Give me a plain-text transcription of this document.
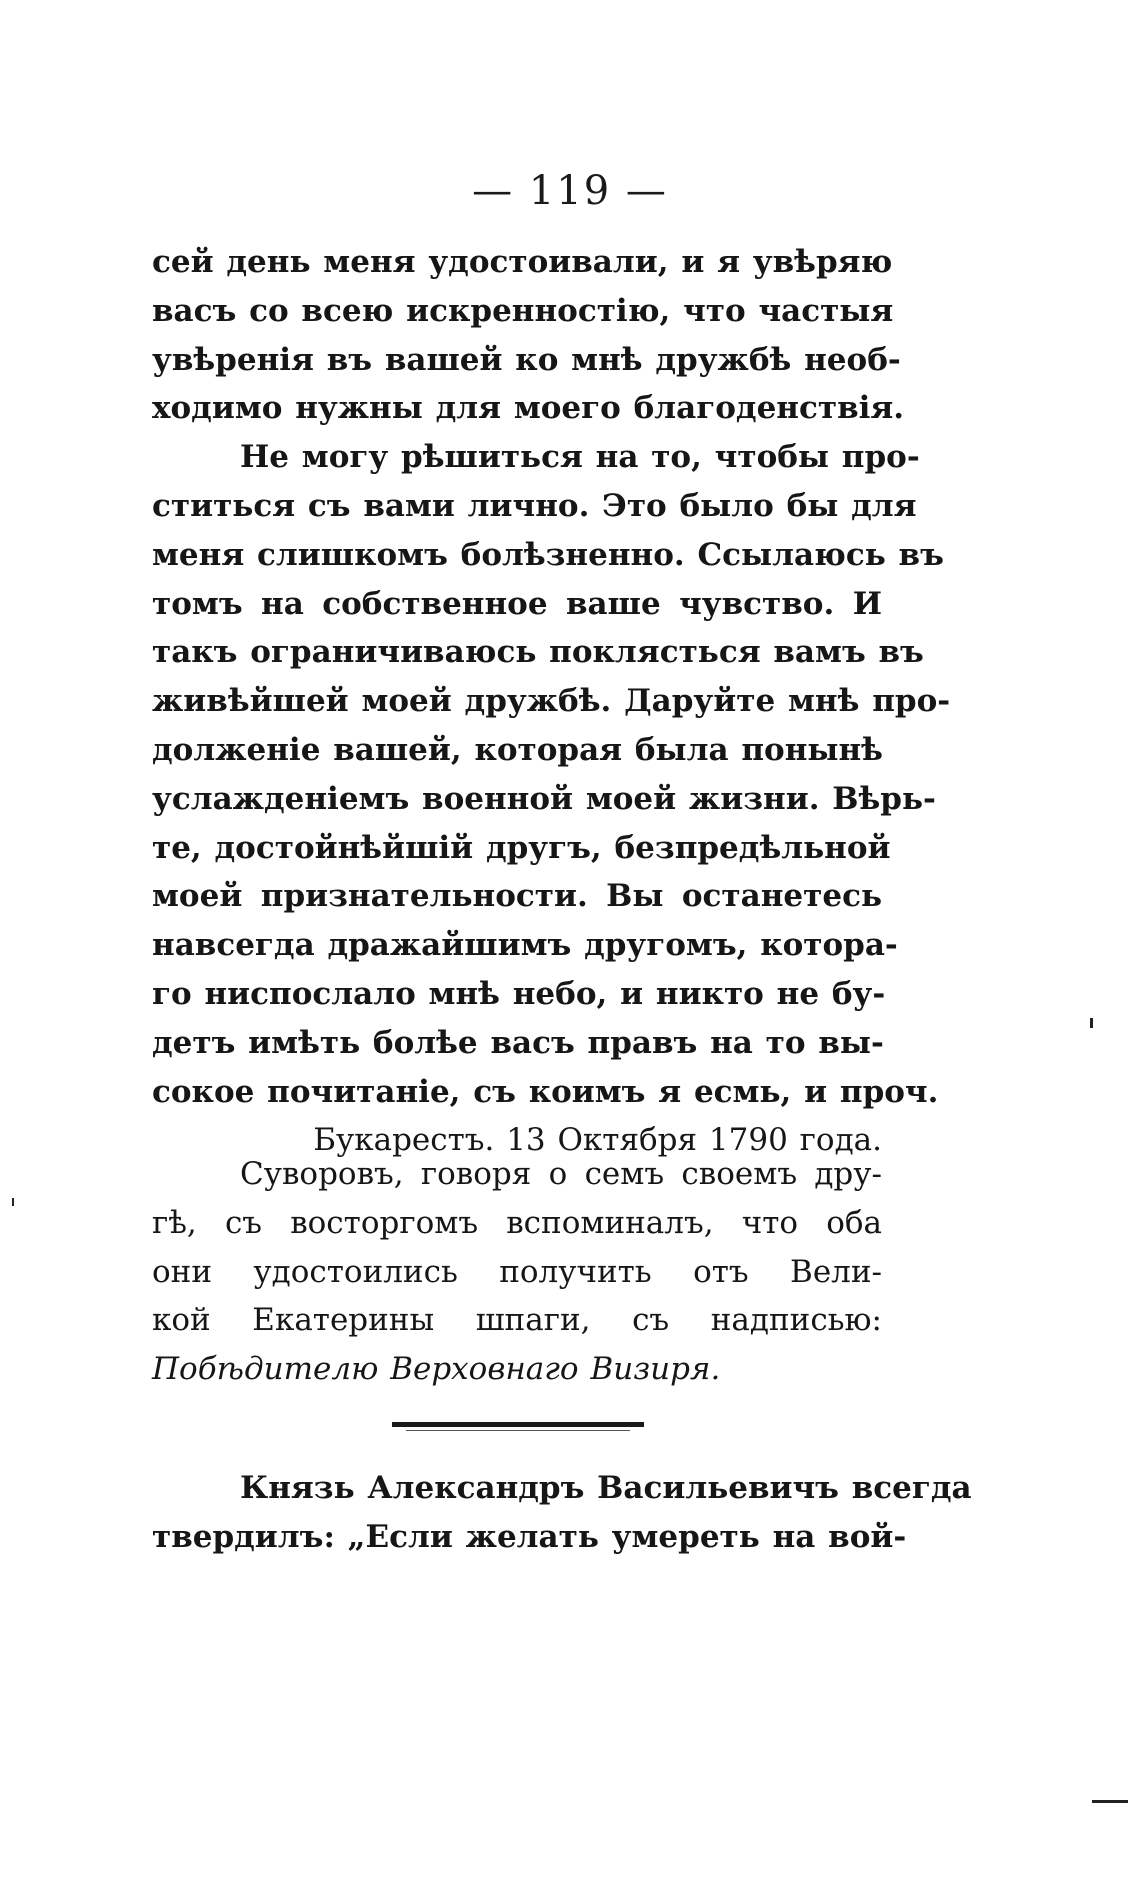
— 119 —
сей день меня удостоивали, и я увѣряю
васъ со всею искренностію, что частыя
увѣренія въ вашей ко мнѣ дружбѣ необ-
ходимо нужны для моего благоденствія.
Не могу рѣшиться на то, чтобы про-
ститься съ вами лично. Это было бы для
меня слишкомъ болѣзненно. Ссылаюсь въ
томъ на собственное ваше чувство. И
такъ ограничиваюсь поклясться вамъ въ
живѣйшей моей дружбѣ. Даруйте мнѣ про-
долженіе вашей, которая была понынѣ
услажденіемъ военной моей жизни. Вѣрь-
те, достойнѣйшій другъ, безпредѣльной
моей признательности. Вы останетесь
навсегда дражайшимъ другомъ, котора-
го ниспослало мнѣ небо, и никто не бу-
детъ имѣть болѣе васъ правъ на то вы-
сокое почитаніе, съ коимъ я есмь, и проч.
Букарестъ. 13 Октября 1790 года.
Суворовъ, говоря о семъ своемъ дру-
гѣ, съ восторгомъ вспоминалъ, что оба
они удостоились получить отъ Вели-
кой Екатерины шпаги, съ надписью:
Побѣдителю Верховнаго Визиря.
Князь Александръ Васильевичъ всегда
твердилъ: „Если желать умереть на вой-
